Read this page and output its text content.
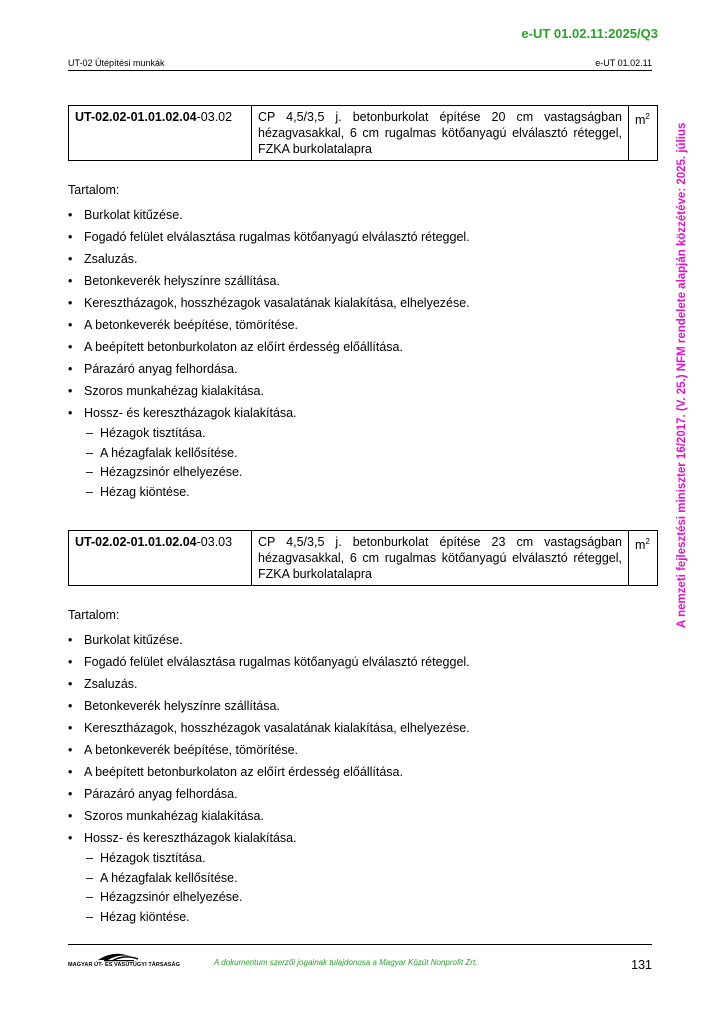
e-UT 01.02.11:2025/Q3
UT-02 Útépítési munkák	e-UT 01.02.11
A nemzeti fejlesztési miniszter 16/2017. (V. 25.) NFM rendelete alapján közzétéve: 2025. július
UT-02.02-01.01.02.04-03.02	CP 4,5/3,5 j. betonburkolat építése 20 cm vastagságban hézagvasakkal, 6 cm rugalmas kötőanyagú elválasztó réteggel, FZKA burkolatalapra	$m^2$
Tartalom:
• Burkolat kitűzése.
• Fogadó felület elválasztása rugalmas kötőanyagú elválasztó réteggel.
• Zsaluzás.
• Betonkeverék helyszínre szállítása.
• Keresztházagok, hosszhézagok vasalatának kialakítása, elhelyezése.
• A betonkeverék beépítése, tömörítése.
• A beépített betonburkolaton az előírt érdesség előállítása.
• Párazáró anyag felhordása.
• Szoros munkahézag kialakítása.
• Hossz- és keresztházagok kialakítása.
– Hézagok tisztítása.
– A hézagfalak kellősítése.
– Hézagzsinór elhelyezése.
– Hézag kiöntése.
UT-02.02-01.01.02.04-03.03	CP 4,5/3,5 j. betonburkolat építése 23 cm vastagságban hézagvasakkal, 6 cm rugalmas kötőanyagú elválasztó réteggel, FZKA burkolatalapra	$m^2$
Tartalom:
• Burkolat kitűzése.
• Fogadó felület elválasztása rugalmas kötőanyagú elválasztó réteggel.
• Zsaluzás.
• Betonkeverék helyszínre szállítása.
• Keresztházagok, hosszhézagok vasalatának kialakítása, elhelyezése.
• A betonkeverék beépítése, tömörítése.
• A beépített betonburkolaton az előírt érdesség előállítása.
• Párazáró anyag felhordása.
• Szoros munkahézag kialakítása.
• Hossz- és keresztházagok kialakítása.
– Hézagok tisztítása.
– A hézagfalak kellősítése.
– Hézagzsinór elhelyezése.
– Hézag kiöntése.
MAGYAR ÚT- ÉS VASÚTÜGYI TÁRSASÁG	A dokumentum szerzői jogainak tulajdonosa a Magyar Közút Nonprofit Zrt.	131
